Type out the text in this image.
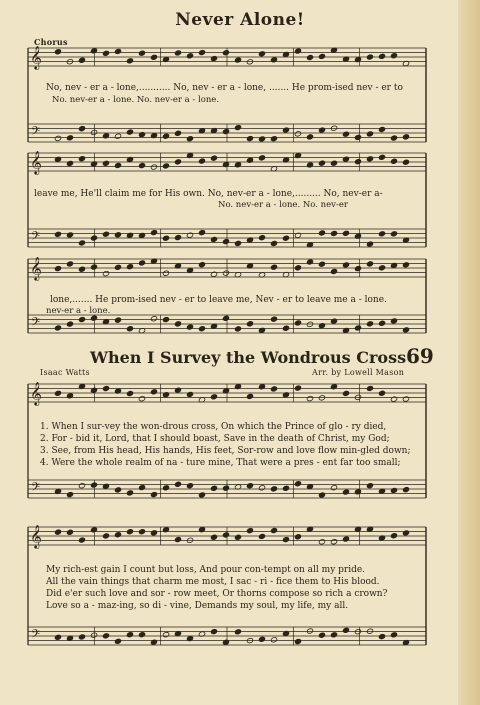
Never Alone!
Chorus
𝄞
𝄢
𝄞
𝄢
𝄞
𝄢
𝄞
𝄢
𝄞
𝄢
No, nev - er a - lone,........... No, nev - er a - lone, ....... He prom-ised nev - er to
No. nev-er a - lone. No. nev-er a - lone.
leave me, He'll claim me for His own. No, nev-er a - lone,......... No, nev-er a-
No. nev-er a - lone. No. nev-er
lone,....... He prom-ised nev - er to leave me, Nev - er to leave me a - lone.
nev-er a - lone.
When I Survey the Wondrous Cross 69
Isaac Watts	Arr. by Lowell Mason
1. When I sur-vey the won-drous cross, On which the Prince of glo - ry died,
2. For - bid it, Lord, that I should boast, Save in the death of Christ, my God;
3. See, from His head, His hands, His feet, Sor-row and love flow min-gled down;
4. Were the whole realm of na - ture mine, That were a pres - ent far too small;
My rich-est gain I count but loss, And pour con-tempt on all my pride.
All the vain things that charm me most, I sac - ri - fice them to His blood.
Did e'er such love and sor - row meet, Or thorns compose so rich a crown?
Love so a - maz-ing, so di - vine, Demands my soul, my life, my all.
